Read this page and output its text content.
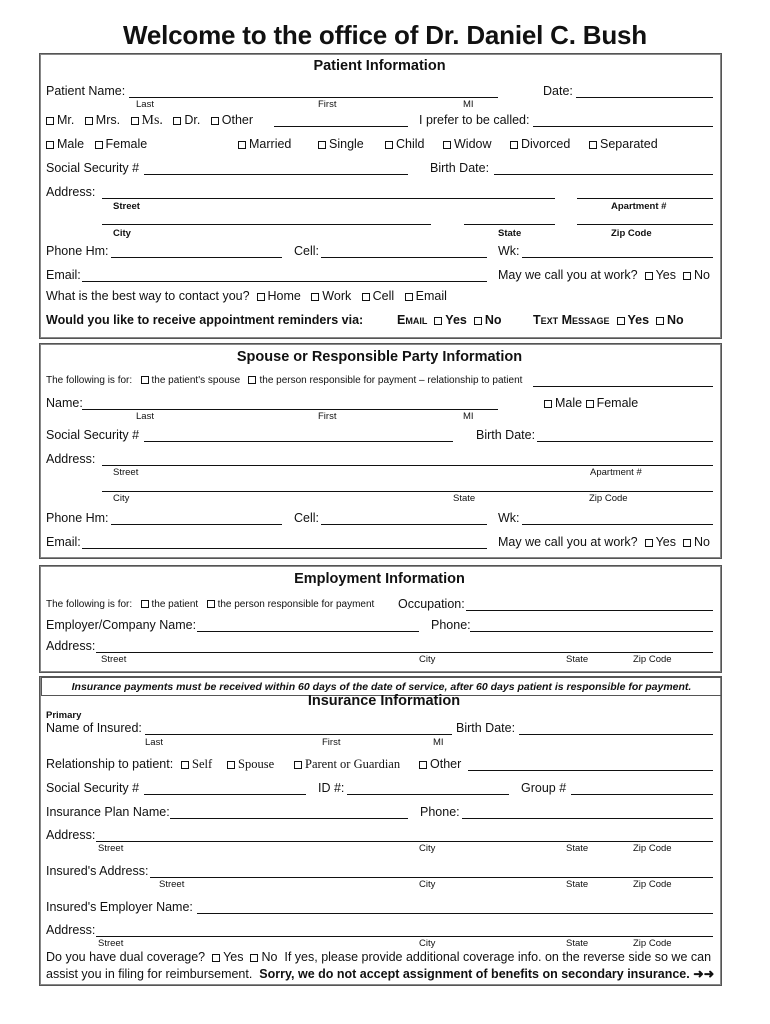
Welcome to the office of Dr. Daniel C. Bush
Patient Information
Patient Name:	Date:
Last	First	MI
Mr. Mrs. Ms. Dr. Other	I prefer to be called:
Male Female	Married	Single	Child	Widow	Divorced	Separated
Social Security #	Birth Date:
Address:
Street	Apartment #
City	State	Zip Code
Phone Hm:	Cell:	Wk:
Email:	May we call you at work? Yes No
What is the best way to contact you? Home Work Cell Email
Would you like to receive appointment reminders via:	Email Yes No	Text Message Yes No
Spouse or Responsible Party Information
The following is for: the patient's spouse the person responsible for payment – relationship to patient
Name:
Last	First	MI
Male Female
Social Security #	Birth Date:
Address:
Street	Apartment #
City	State	Zip Code
Phone Hm:	Cell:	Wk:
Email:	May we call you at work? Yes No
Employment Information
The following is for: the patient the person responsible for payment Occupation:
Employer/Company Name:	Phone:
Address:
Street	City	State	Zip Code
Insurance payments must be received within 60 days of the date of service, after 60 days patient is responsible for payment.
Insurance Information
Primary
Name of Insured:	Birth Date:
Last	First	MI
Relationship to patient:	Self	Spouse	Parent or Guardian	Other
Social Security #	ID #:	Group #
Insurance Plan Name:	Phone:
Address:
Street	City	State	Zip Code
Insured's Address:
Street	City	State	Zip Code
Insured's Employer Name:
Address:
Street	City	State	Zip Code
Do you have dual coverage? Yes No If yes, please provide additional coverage info. on the reverse side so we can
assist you in filing for reimbursement. Sorry, we do not accept assignment of benefits on secondary insurance. ➜➜
